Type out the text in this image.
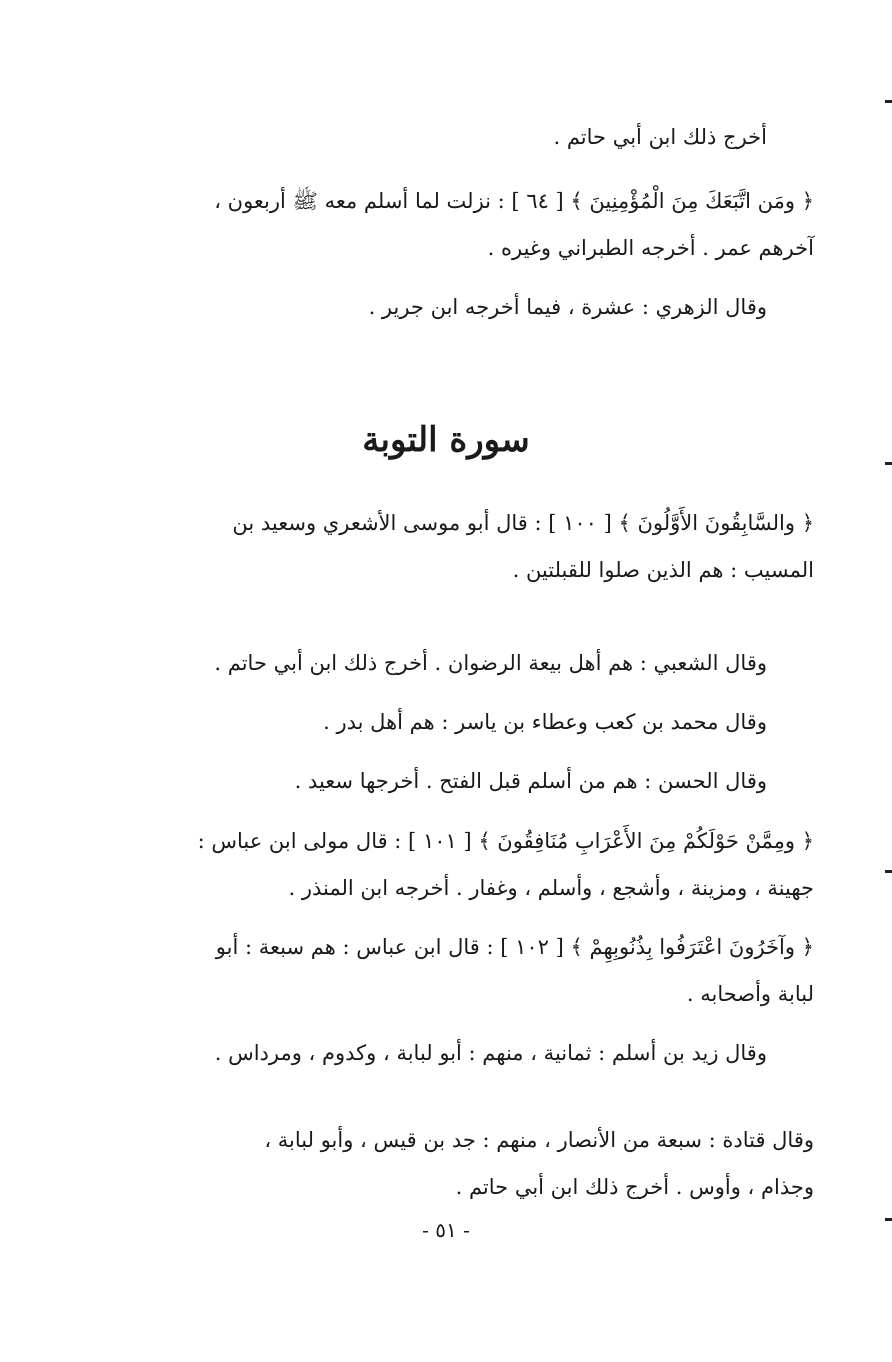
أخرج ذلك ابن أبي حاتم .
﴿ ومَن اتَّبَعَكَ مِنَ الْمُؤْمِنِينَ ﴾ [ ٦٤ ] : نزلت لما أسلم معه ﷺ أربعون ،
آخرهم عمر . أخرجه الطبراني وغيره .
وقال الزهري : عشرة ، فيما أخرجه ابن جرير .
سورة التوبة
﴿ والسَّابِقُونَ الأَوَّلُونَ ﴾ [ ١٠٠ ] : قال أبو موسى الأشعري وسعيد بن
المسيب : هم الذين صلوا للقبلتين .
وقال الشعبي : هم أهل بيعة الرضوان . أخرج ذلك ابن أبي حاتم .
وقال محمد بن كعب وعطاء بن ياسر : هم أهل بدر .
وقال الحسن : هم من أسلم قبل الفتح . أخرجها سعيد .
﴿ ومِمَّنْ حَوْلَكُمْ مِنَ الأَعْرَابِ مُنَافِقُونَ ﴾ [ ١٠١ ] : قال مولى ابن عباس :
جهينة ، ومزينة ، وأشجع ، وأسلم ، وغفار . أخرجه ابن المنذر .
﴿ وآخَرُونَ اعْتَرَفُوا بِذُنُوبِهِمْ ﴾ [ ١٠٢ ] : قال ابن عباس : هم سبعة : أبو
لبابة وأصحابه .
وقال زيد بن أسلم : ثمانية ، منهم : أبو لبابة ، وكدوم ، ومرداس .
وقال قتادة : سبعة من الأنصار ، منهم : جد بن قيس ، وأبو لبابة ،
وجذام ، وأوس . أخرج ذلك ابن أبي حاتم .
- ٥١ -
